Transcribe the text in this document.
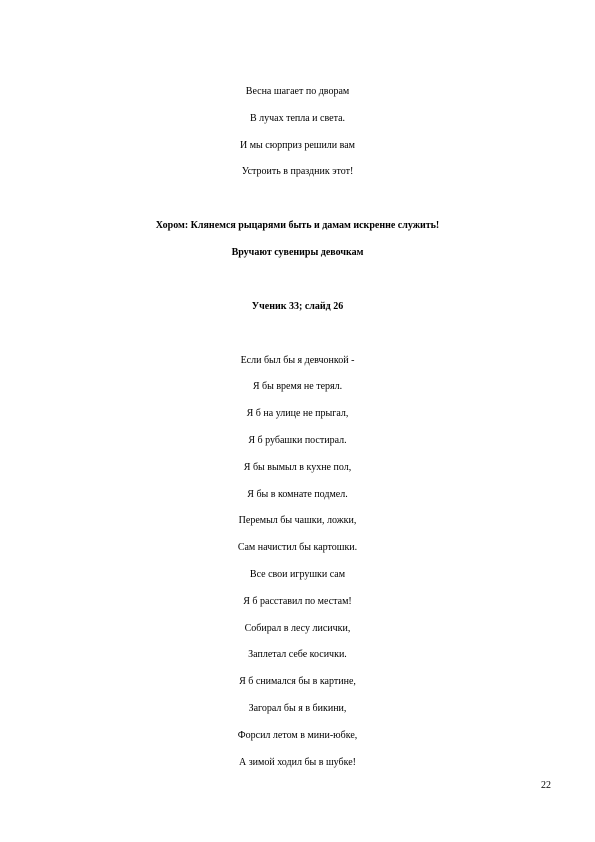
Весна шагает по дворам
В лучах тепла и света.
И мы сюрприз решили вам
Устроить в праздник этот!
Хором: Клянемся рыцарями быть и дамам искренне служить!
Вручают сувениры девочкам
Ученик 33; слайд 26
Если был бы я девчонкой -
Я бы время не терял.
Я б на улице не прыгал,
Я б рубашки постирал.
Я бы вымыл в кухне пол,
Я бы в комнате подмел.
Перемыл бы чашки, ложки,
Сам начистил бы картошки.
Все свои игрушки сам
Я б расставил по местам!
Собирал в лесу лисички,
Заплетал себе косички.
Я б снимался бы в картине,
Загорал бы я в бикини,
Форсил летом в мини-юбке,
А зимой ходил бы в шубке!
22
